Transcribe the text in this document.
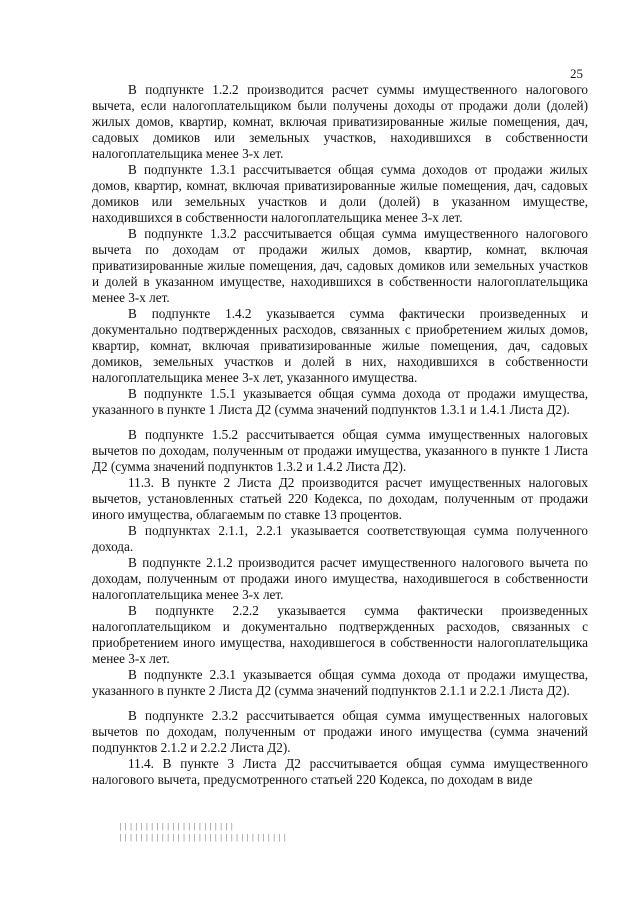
25

В подпункте 1.2.2 производится расчет суммы имущественного налогового вычета, если налогоплательщиком были получены доходы от продажи доли (долей) жилых домов, квартир, комнат, включая приватизированные жилые помещения, дач, садовых домиков или земельных участков, находившихся в собственности налогоплательщика менее 3-х лет.

В подпункте 1.3.1 рассчитывается общая сумма доходов от продажи жилых домов, квартир, комнат, включая приватизированные жилые помещения, дач, садовых домиков или земельных участков и доли (долей) в указанном имуществе, находившихся в собственности налогоплательщика менее 3-х лет.

В подпункте 1.3.2 рассчитывается общая сумма имущественного налогового вычета по доходам от продажи жилых домов, квартир, комнат, включая приватизированные жилые помещения, дач, садовых домиков или земельных участков и долей в указанном имуществе, находившихся в собственности налогоплательщика менее 3-х лет.

В подпункте 1.4.2 указывается сумма фактически произведенных и документально подтвержденных расходов, связанных с приобретением жилых домов, квартир, комнат, включая приватизированные жилые помещения, дач, садовых домиков, земельных участков и долей в них, находившихся в собственности налогоплательщика менее 3-х лет, указанного имущества.

В подпункте 1.5.1 указывается общая сумма дохода от продажи имущества, указанного в пункте 1 Листа Д2 (сумма значений подпунктов 1.3.1 и 1.4.1 Листа Д2).

В подпункте 1.5.2 рассчитывается общая сумма имущественных налоговых вычетов по доходам, полученным от продажи имущества, указанного в пункте 1 Листа Д2 (сумма значений подпунктов 1.3.2 и 1.4.2 Листа Д2).

11.3. В пункте 2 Листа Д2 производится расчет имущественных налоговых вычетов, установленных статьей 220 Кодекса, по доходам, полученным от продажи иного имущества, облагаемым по ставке 13 процентов.

В подпунктах 2.1.1, 2.2.1 указывается соответствующая сумма полученного дохода.

В подпункте 2.1.2 производится расчет имущественного налогового вычета по доходам, полученным от продажи иного имущества, находившегося в собственности налогоплательщика менее 3-х лет.

В подпункте 2.2.2 указывается сумма фактически произведенных налогоплательщиком и документально подтвержденных расходов, связанных с приобретением иного имущества, находившегося в собственности налогоплательщика менее 3-х лет.

В подпункте 2.3.1 указывается общая сумма дохода от продажи имущества, указанного в пункте 2 Листа Д2 (сумма значений подпунктов 2.1.1 и 2.2.1 Листа Д2).

В подпункте 2.3.2 рассчитывается общая сумма имущественных налоговых вычетов по доходам, полученным от продажи иного имущества (сумма значений подпунктов 2.1.2 и 2.2.2 Листа Д2).

11.4. В пункте 3 Листа Д2 рассчитывается общая сумма имущественного налогового вычета, предусмотренного статьей 220 Кодекса, по доходам в виде

||||||||||||||||||||||
||||||||||||||||||||||||||||||||
